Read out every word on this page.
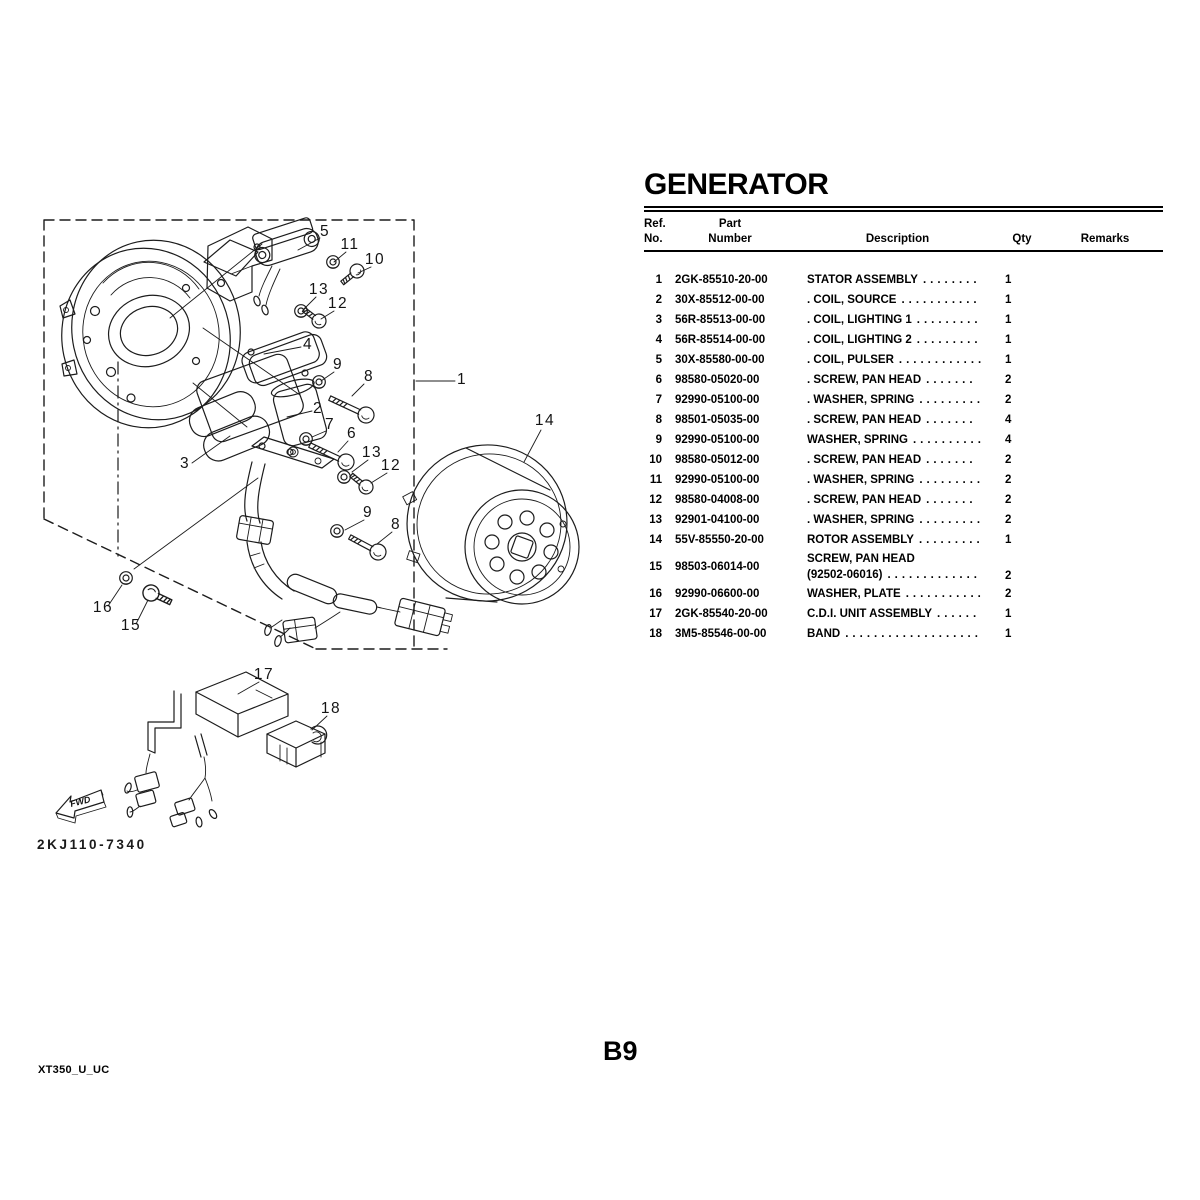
FWD
2KJ110-7340
5
11
10
13
12
4
9
8
2
7
6
13
12
9
8
1
14
3
16
15
17
18
GENERATOR
Ref.	Part
No.	Number	Description	Qty	Remarks
1	2GK-85510-20-00	STATOR ASSEMBLY ........	1
2	30X-85512-00-00	. COIL, SOURCE ...........	1
3	56R-85513-00-00	. COIL, LIGHTING 1 .........	1
4	56R-85514-00-00	. COIL, LIGHTING 2 .........	1
5	30X-85580-00-00	. COIL, PULSER ............	1
6	98580-05020-00	. SCREW, PAN HEAD .......	2
7	92990-05100-00	. WASHER, SPRING .........	2
8	98501-05035-00	. SCREW, PAN HEAD .......	4
9	92990-05100-00	WASHER, SPRING ..........	4
10	98580-05012-00	. SCREW, PAN HEAD .......	2
11	92990-05100-00	. WASHER, SPRING .........	2
12	98580-04008-00	. SCREW, PAN HEAD .......	2
13	92901-04100-00	. WASHER, SPRING .........	2
14	55V-85550-20-00	ROTOR ASSEMBLY .........	1
15	98503-06014-00
SCREW, PAN HEAD
(92502-06016) .............	2
16	92990-06600-00	WASHER, PLATE ...........	2
17	2GK-85540-20-00	C.D.I. UNIT ASSEMBLY ......	1
18	3M5-85546-00-00	BAND ...................	1
XT350_U_UC
B9
